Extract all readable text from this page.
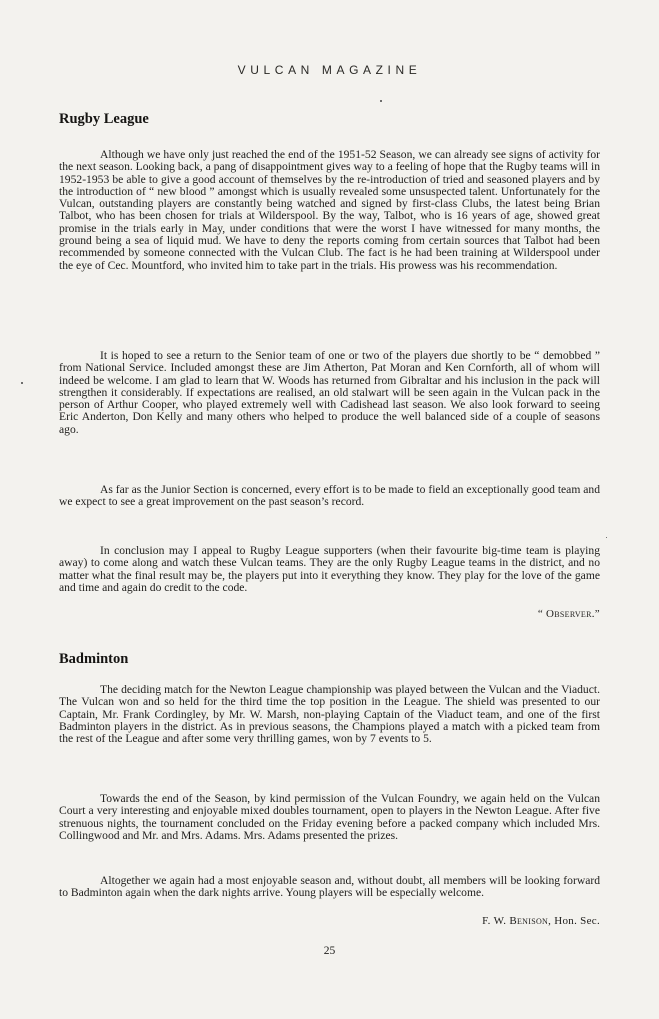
VULCAN MAGAZINE
Rugby League

Although we have only just reached the end of the 1951-52 Season, we can already see signs of activity for the next season. Looking back, a pang of disappointment gives way to a feeling of hope that the Rugby teams will in 1952-1953 be able to give a good account of themselves by the re-introduction of tried and seasoned players and by the introduction of “ new blood ” amongst which is usually revealed some unsuspected talent. Unfortunately for the Vulcan, outstanding players are constantly being watched and signed by first-class Clubs, the latest being Brian Talbot, who has been chosen for trials at Wilderspool. By the way, Talbot, who is 16 years of age, showed great promise in the trials early in May, under conditions that were the worst I have witnessed for many months, the ground being a sea of liquid mud. We have to deny the reports coming from certain sources that Talbot had been recommended by someone connected with the Vulcan Club. The fact is he had been training at Wilderspool under the eye of Cec. Mountford, who invited him to take part in the trials. His prowess was his recommendation.

It is hoped to see a return to the Senior team of one or two of the players due shortly to be “ demobbed ” from National Service. Included amongst these are Jim Atherton, Pat Moran and Ken Cornforth, all of whom will indeed be welcome. I am glad to learn that W. Woods has returned from Gibraltar and his inclusion in the pack will strengthen it considerably. If expectations are realised, an old stalwart will be seen again in the Vulcan pack in the person of Arthur Cooper, who played extremely well with Cadishead last season. We also look forward to seeing Eric Anderton, Don Kelly and many others who helped to produce the well balanced side of a couple of seasons ago.

As far as the Junior Section is concerned, every effort is to be made to field an exceptionally good team and we expect to see a great improvement on the past season’s record.

In conclusion may I appeal to Rugby League supporters (when their favourite big-time team is playing away) to come along and watch these Vulcan teams. They are the only Rugby League teams in the district, and no matter what the final result may be, the players put into it everything they know. They play for the love of the game and time and again do credit to the code.

“ Observer.”

Badminton

The deciding match for the Newton League championship was played between the Vulcan and the Viaduct. The Vulcan won and so held for the third time the top position in the League. The shield was presented to our Captain, Mr. Frank Cordingley, by Mr. W. Marsh, non-playing Captain of the Viaduct team, and one of the first Badminton players in the district. As in previous seasons, the Champions played a match with a picked team from the rest of the League and after some very thrilling games, won by 7 events to 5.

Towards the end of the Season, by kind permission of the Vulcan Foundry, we again held on the Vulcan Court a very interesting and enjoyable mixed doubles tournament, open to players in the Newton League. After five strenuous nights, the tournament concluded on the Friday evening before a packed company which included Mrs. Collingwood and Mr. and Mrs. Adams. Mrs. Adams presented the prizes.

Altogether we again had a most enjoyable season and, without doubt, all members will be looking forward to Badminton again when the dark nights arrive. Young players will be especially welcome.

F. W. Benison, Hon. Sec.

25
